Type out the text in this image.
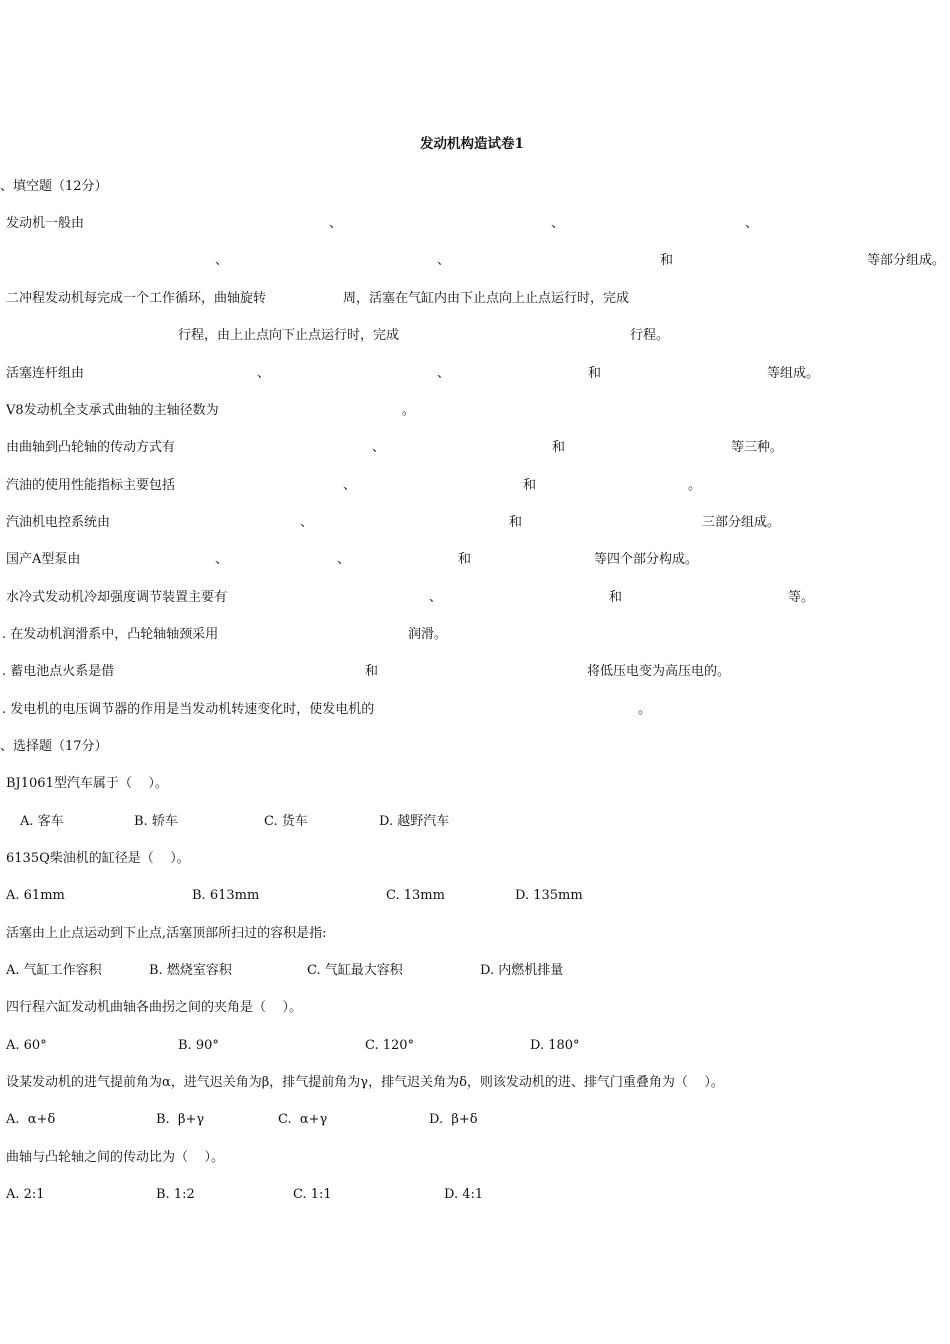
发动机构造试卷1
、填空题（12分）
发动机一般由	、	、	、
、	、	和	等部分组成。
二冲程发动机每完成一个工作循环，曲轴旋转	周，活塞在气缸内由下止点向上止点运行时，完成
行程，由上止点向下止点运行时，完成	行程。
活塞连杆组由	、	、	和	等组成。
V8发动机全支承式曲轴的主轴径数为	。
由曲轴到凸轮轴的传动方式有	、	和	等三种。
汽油的使用性能指标主要包括	、	和	。
汽油机电控系统由	、	和	三部分组成。
国产A型泵由	、	、	和	等四个部分构成。
水冷式发动机冷却强度调节装置主要有	、	和	等。
. 在发动机润滑系中，凸轮轴轴颈采用	润滑。
. 蓄电池点火系是借	和	将低压电变为高压电的。
. 发电机的电压调节器的作用是当发动机转速变化时，使发电机的	。
、选择题（17分）
BJ1061型汽车属于（    ）。
A. 客车	B. 轿车	C. 货车	D. 越野汽车
6135Q柴油机的缸径是（    ）。
A. 61mm	B. 613mm	C. 13mm	D. 135mm
活塞由上止点运动到下止点,活塞顶部所扫过的容积是指:
A. 气缸工作容积	B. 燃烧室容积	C. 气缸最大容积	D. 内燃机排量
四行程六缸发动机曲轴各曲拐之间的夹角是（    ）。
A. 60°	B. 90°	C. 120°	D. 180°
设某发动机的进气提前角为α，进气迟关角为β，排气提前角为γ，排气迟关角为δ，则该发动机的进、排气门重叠角为（    ）。
A.  α+δ	B.  β+γ	C.  α+γ	D.  β+δ
曲轴与凸轮轴之间的传动比为（    ）。
A. 2:1	B. 1:2	C. 1:1	D. 4:1
